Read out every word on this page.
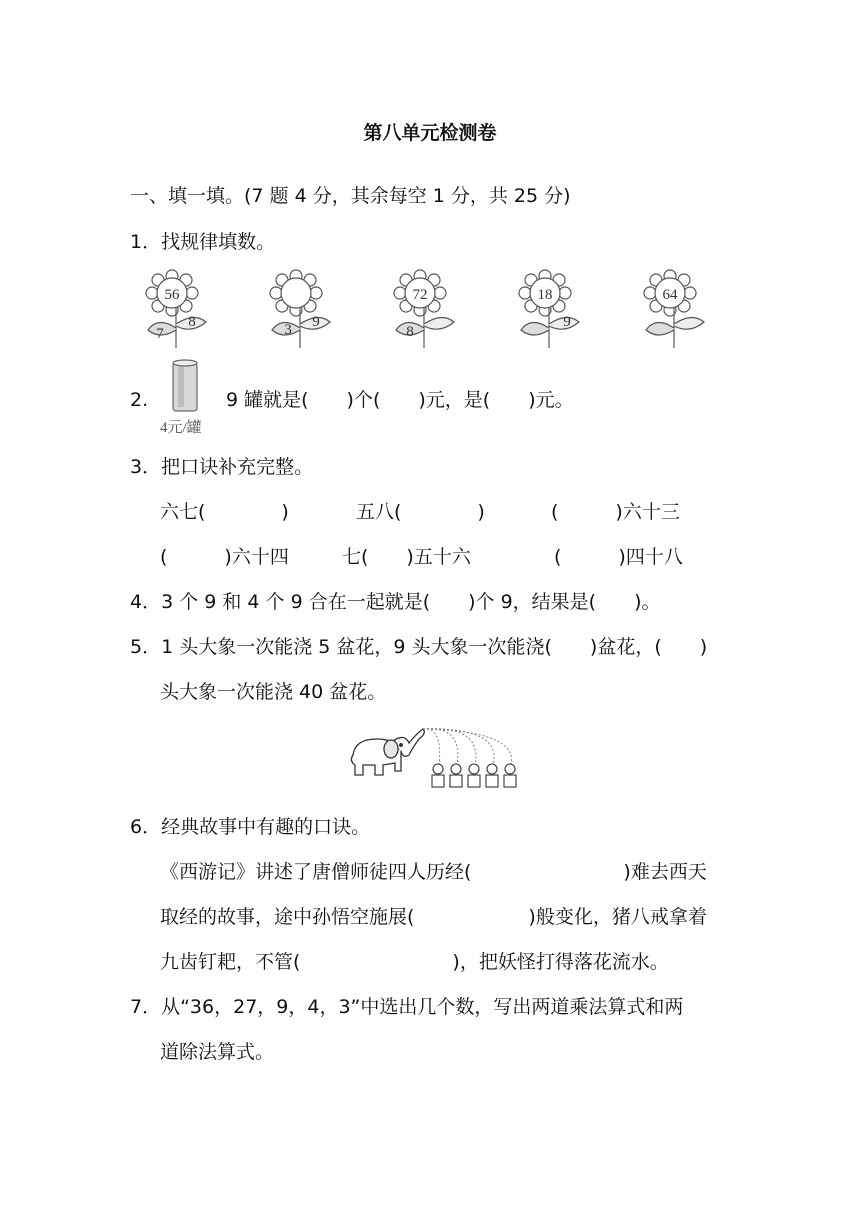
第八单元检测卷
一、填一填。(7 题 4 分，其余每空 1 分，共 25 分)
1．找规律填数。
56
7
8	3 9
72
8
18
9
64
2.
4元/罐
9 罐就是(　　)个(　　)元，是(　　)元。
3．把口诀补充完整。
六七(　　　　)	五八(　　　　)	(　　　)六十三
(　　　)六十四	七(　　)五十六	(　　　)四十八
4．3 个 9 和 4 个 9 合在一起就是(　　)个 9，结果是(　　)。
5．1 头大象一次能浇 5 盆花，9 头大象一次能浇(　　)盆花，(　　)
头大象一次能浇 40 盆花。
6．经典故事中有趣的口诀。
《西游记》讲述了唐僧师徒四人历经(　　　　　　　　)难去西天
取经的故事，途中孙悟空施展(　　　　　　)般变化，猪八戒拿着
九齿钉耙，不管(　　　　　　　　)，把妖怪打得落花流水。
7．从“36，27，9，4，3”中选出几个数，写出两道乘法算式和两
道除法算式。
